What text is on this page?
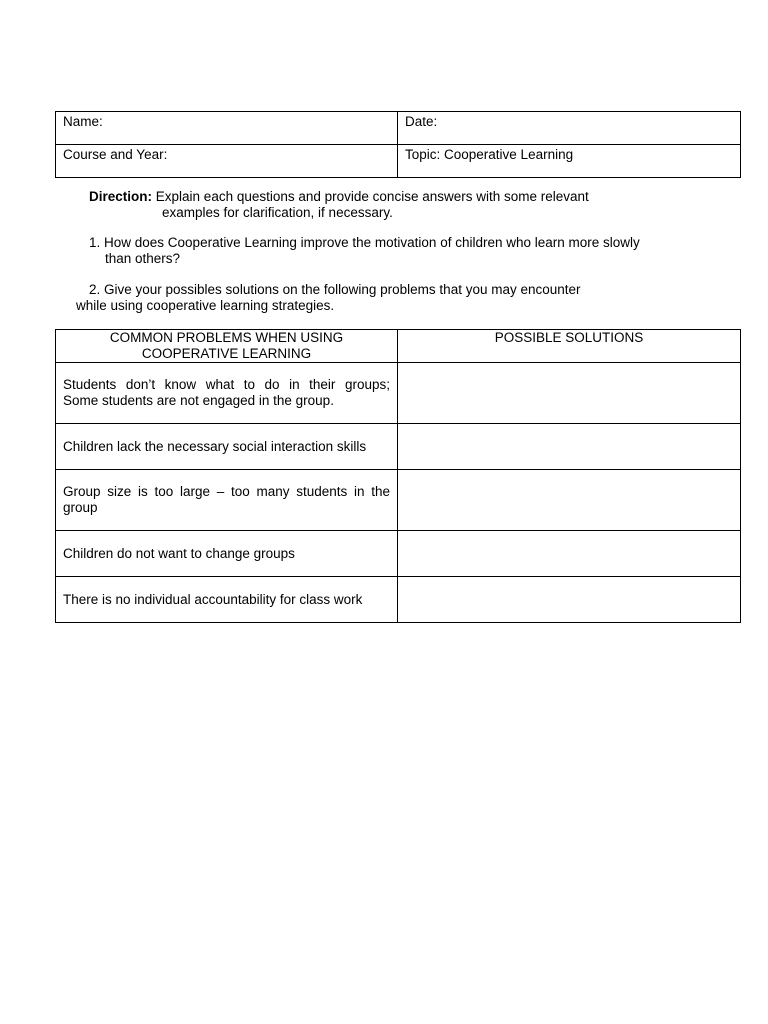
Name:	Date:
Course and Year:	Topic: Cooperative Learning
Direction: Explain each questions and provide concise answers with some relevant
examples for clarification, if necessary.
1. How does Cooperative Learning improve the motivation of children who learn more slowly
than others?
2. Give your possibles solutions on the following problems that you may encounter
while using cooperative learning strategies.
COMMON PROBLEMS WHEN USING
COOPERATIVE LEARNING	POSSIBLE SOLUTIONS

Students don’t know what to do in their groups;
Some students are not engaged in the group.	

Children lack the necessary social interaction skills	

Group size is too large – too many students in the
group	

Children do not want to change groups	

There is no individual accountability for class work	
